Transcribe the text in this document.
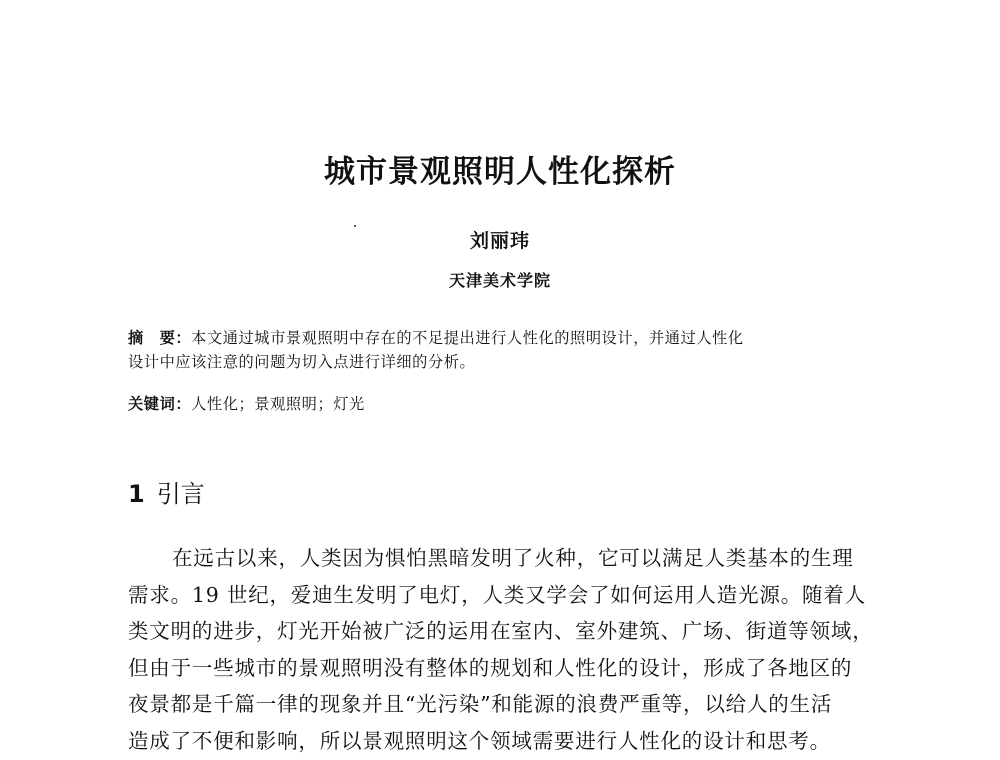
城市景观照明人性化探析
刘丽玮
天津美术学院
摘　要：本文通过城市景观照明中存在的不足提出进行人性化的照明设计，并通过人性化
设计中应该注意的问题为切入点进行详细的分析。
关键词：人性化；景观照明；灯光
1 引言
在远古以来，人类因为惧怕黑暗发明了火种，它可以满足人类基本的生理
需求。19 世纪，爱迪生发明了电灯，人类又学会了如何运用人造光源。随着人
类文明的进步，灯光开始被广泛的运用在室内、室外建筑、广场、街道等领域，
但由于一些城市的景观照明没有整体的规划和人性化的设计，形成了各地区的
夜景都是千篇一律的现象并且“光污染”和能源的浪费严重等，以给人的生活
造成了不便和影响，所以景观照明这个领域需要进行人性化的设计和思考。
